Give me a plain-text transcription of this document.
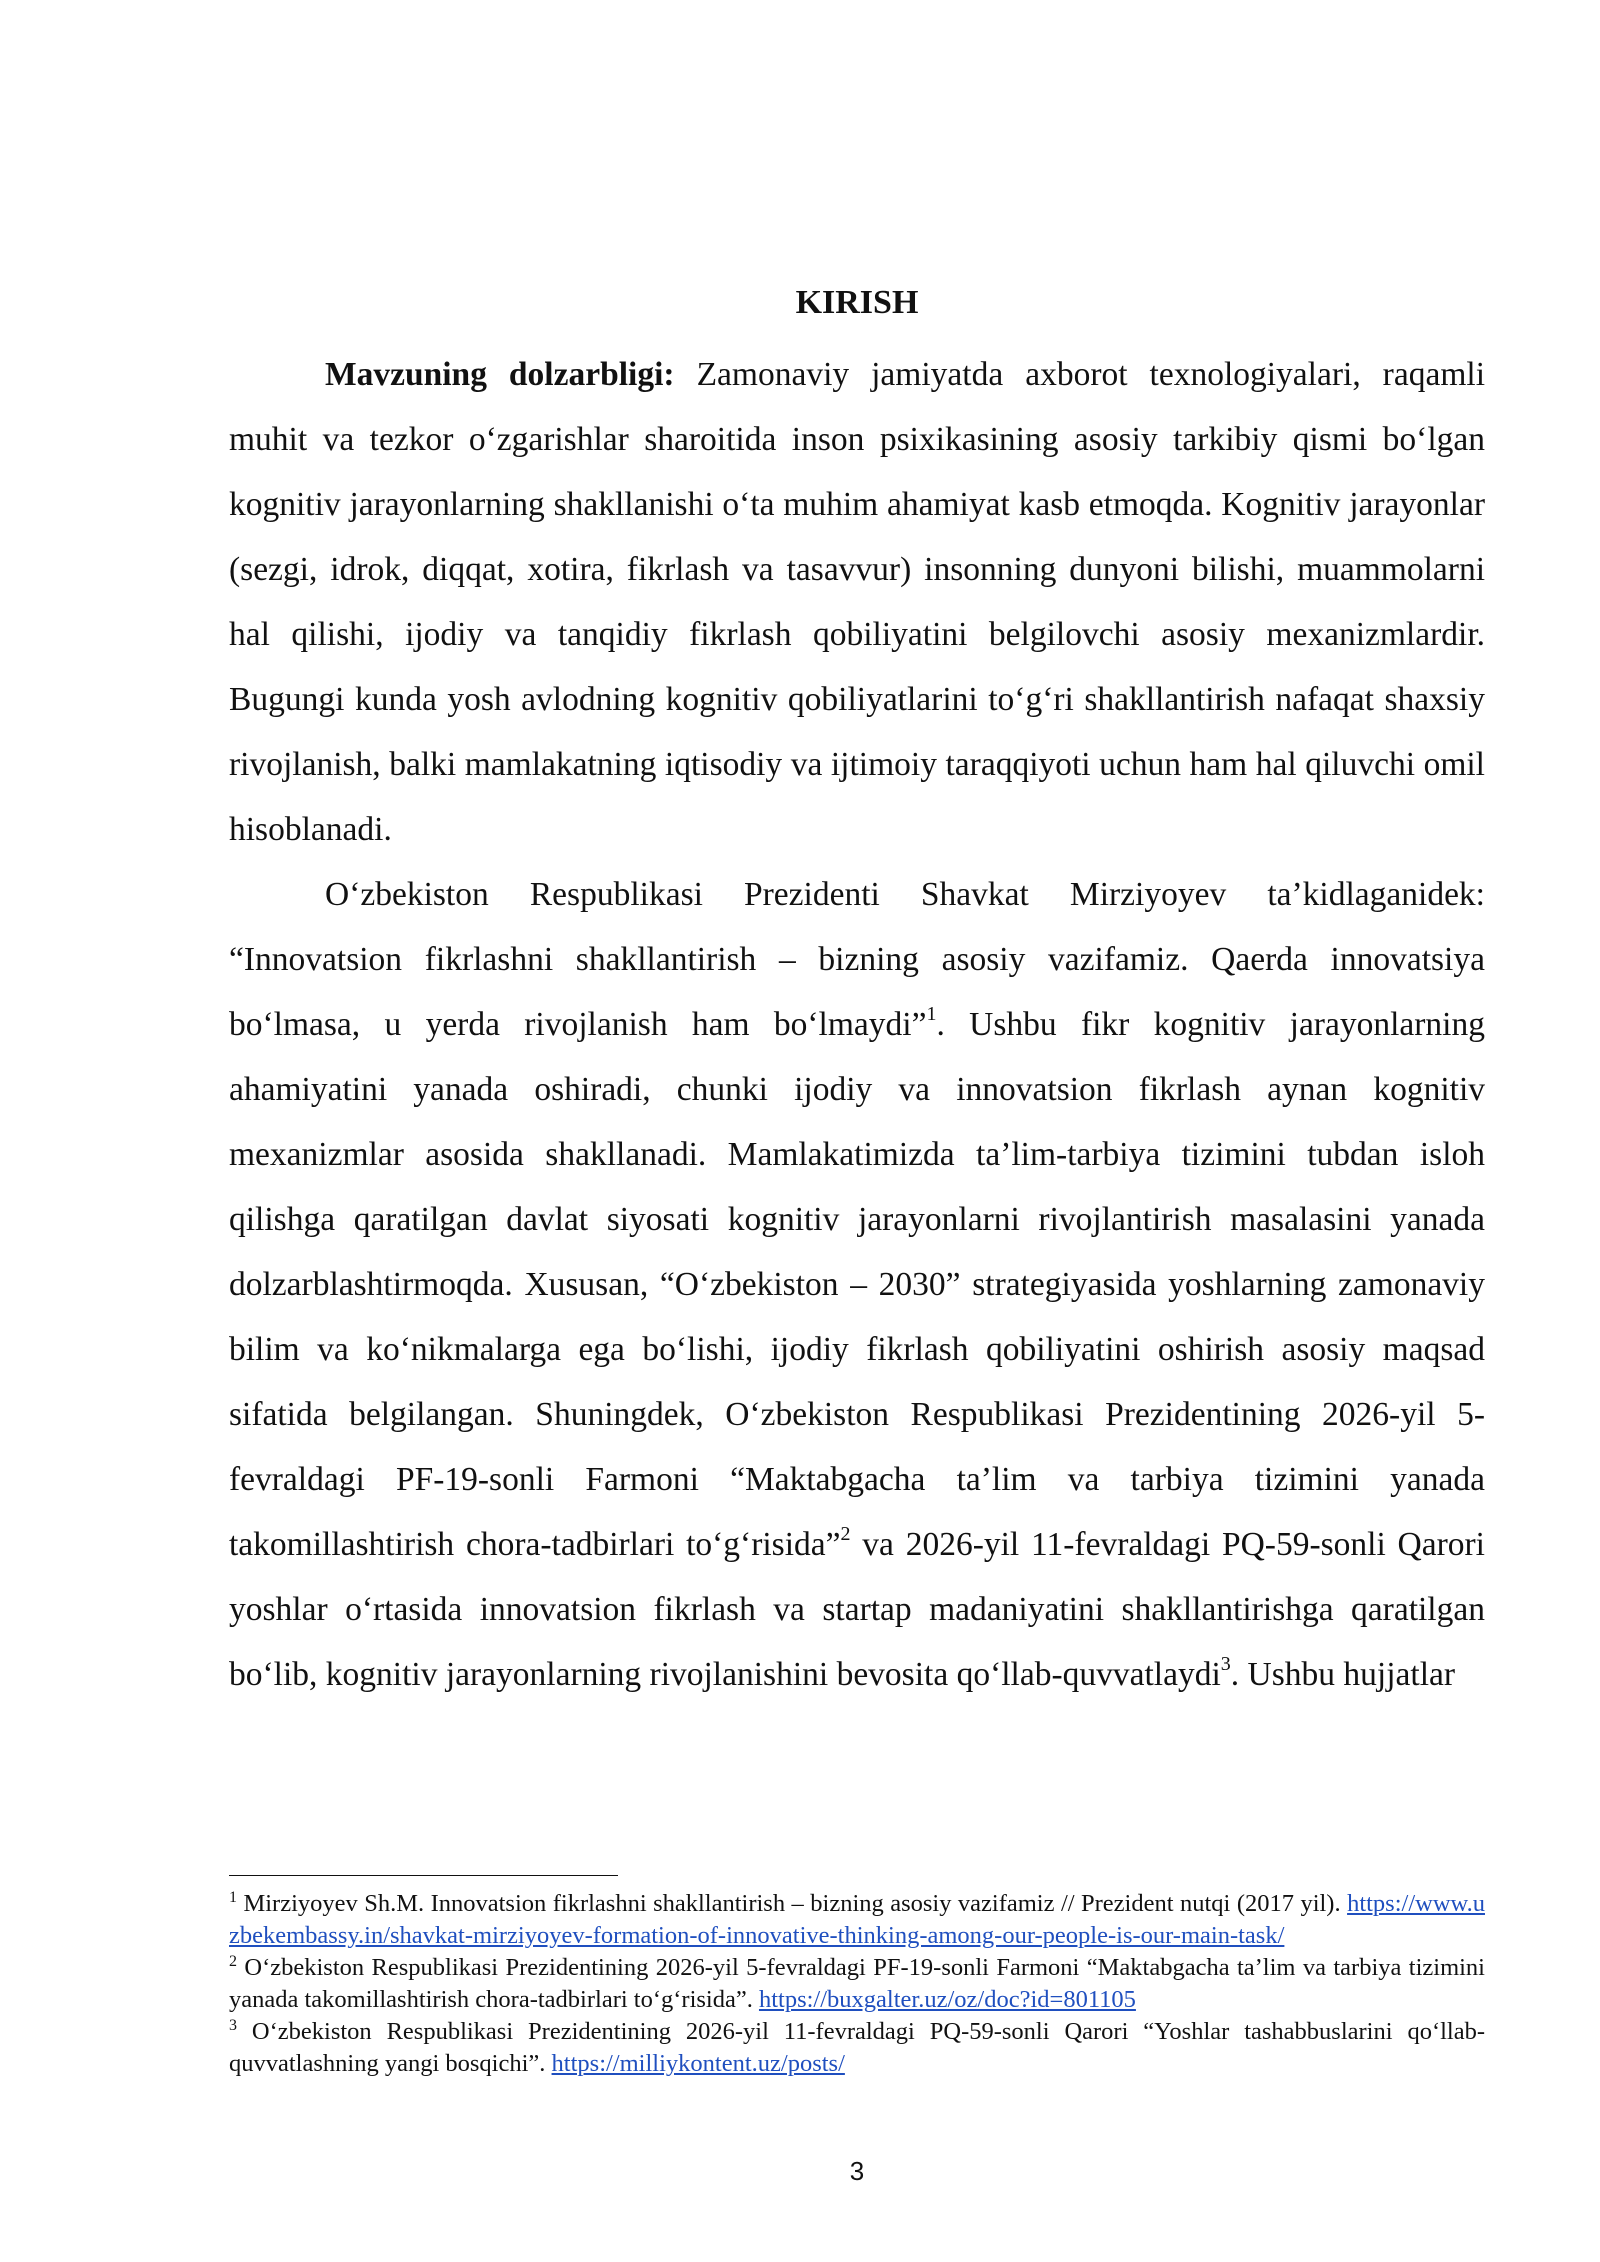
KIRISH

Mavzuning dolzarbligi: Zamonaviy jamiyatda axborot texnologiyalari, raqamli muhit va tezkor o‘zgarishlar sharoitida inson psixikasining asosiy tarkibiy qismi bo‘lgan kognitiv jarayonlarning shakllanishi o‘ta muhim ahamiyat kasb etmoqda. Kognitiv jarayonlar (sezgi, idrok, diqqat, xotira, fikrlash va tasavvur) insonning dunyoni bilishi, muammolarni hal qilishi, ijodiy va tanqidiy fikrlash qobiliyatini belgilovchi asosiy mexanizmlardir. Bugungi kunda yosh avlodning kognitiv qobiliyatlarini to‘g‘ri shakllantirish nafaqat shaxsiy rivojlanish, balki mamlakatning iqtisodiy va ijtimoiy taraqqiyoti uchun ham hal qiluvchi omil hisoblanadi.

O‘zbekiston Respublikasi Prezidenti Shavkat Mirziyoyev ta’kidlaganidek: “Innovatsion fikrlashni shakllantirish – bizning asosiy vazifamiz. Qaerda innovatsiya bo‘lmasa, u yerda rivojlanish ham bo‘lmaydi”$^1$. Ushbu fikr kognitiv jarayonlarning ahamiyatini yanada oshiradi, chunki ijodiy va innovatsion fikrlash aynan kognitiv mexanizmlar asosida shakllanadi. Mamlakatimizda ta’lim-tarbiya tizimini tubdan isloh qilishga qaratilgan davlat siyosati kognitiv jarayonlarni rivojlantirish masalasini yanada dolzarblashtirmoqda. Xususan, “O‘zbekiston – 2030” strategiyasida yoshlarning zamonaviy bilim va ko‘nikmalarga ega bo‘lishi, ijodiy fikrlash qobiliyatini oshirish asosiy maqsad sifatida belgilangan. Shuningdek, O‘zbekiston Respublikasi Prezidentining 2026-yil 5-fevraldagi PF-19-sonli Farmoni “Maktabgacha ta’lim va tarbiya tizimini yanada takomillashtirish chora-tadbirlari to‘g‘risida”$^2$ va 2026-yil 11-fevraldagi PQ-59-sonli Qarori yoshlar o‘rtasida innovatsion fikrlash va startap madaniyatini shakllantirishga qaratilgan bo‘lib, kognitiv jarayonlarning rivojlanishini bevosita qo‘llab-quvvatlaydi$^3$. Ushbu hujjatlar

$^1$ Mirziyoyev Sh.M. Innovatsion fikrlashni shakllantirish – bizning asosiy vazifamiz // Prezident nutqi (2017 yil). https://www.uzbekembassy.in/shavkat-mirziyoyev-formation-of-innovative-thinking-among-our-people-is-our-main-task/

$^2$ O‘zbekiston Respublikasi Prezidentining 2026-yil 5-fevraldagi PF-19-sonli Farmoni “Maktabgacha ta’lim va tarbiya tizimini yanada takomillashtirish chora-tadbirlari to‘g‘risida”. https://buxgalter.uz/oz/doc?id=801105

$^3$ O‘zbekiston Respublikasi Prezidentining 2026-yil 11-fevraldagi PQ-59-sonli Qarori “Yoshlar tashabbuslarini qo‘llab-quvvatlashning yangi bosqichi”. https://milliykontent.uz/posts/

3
